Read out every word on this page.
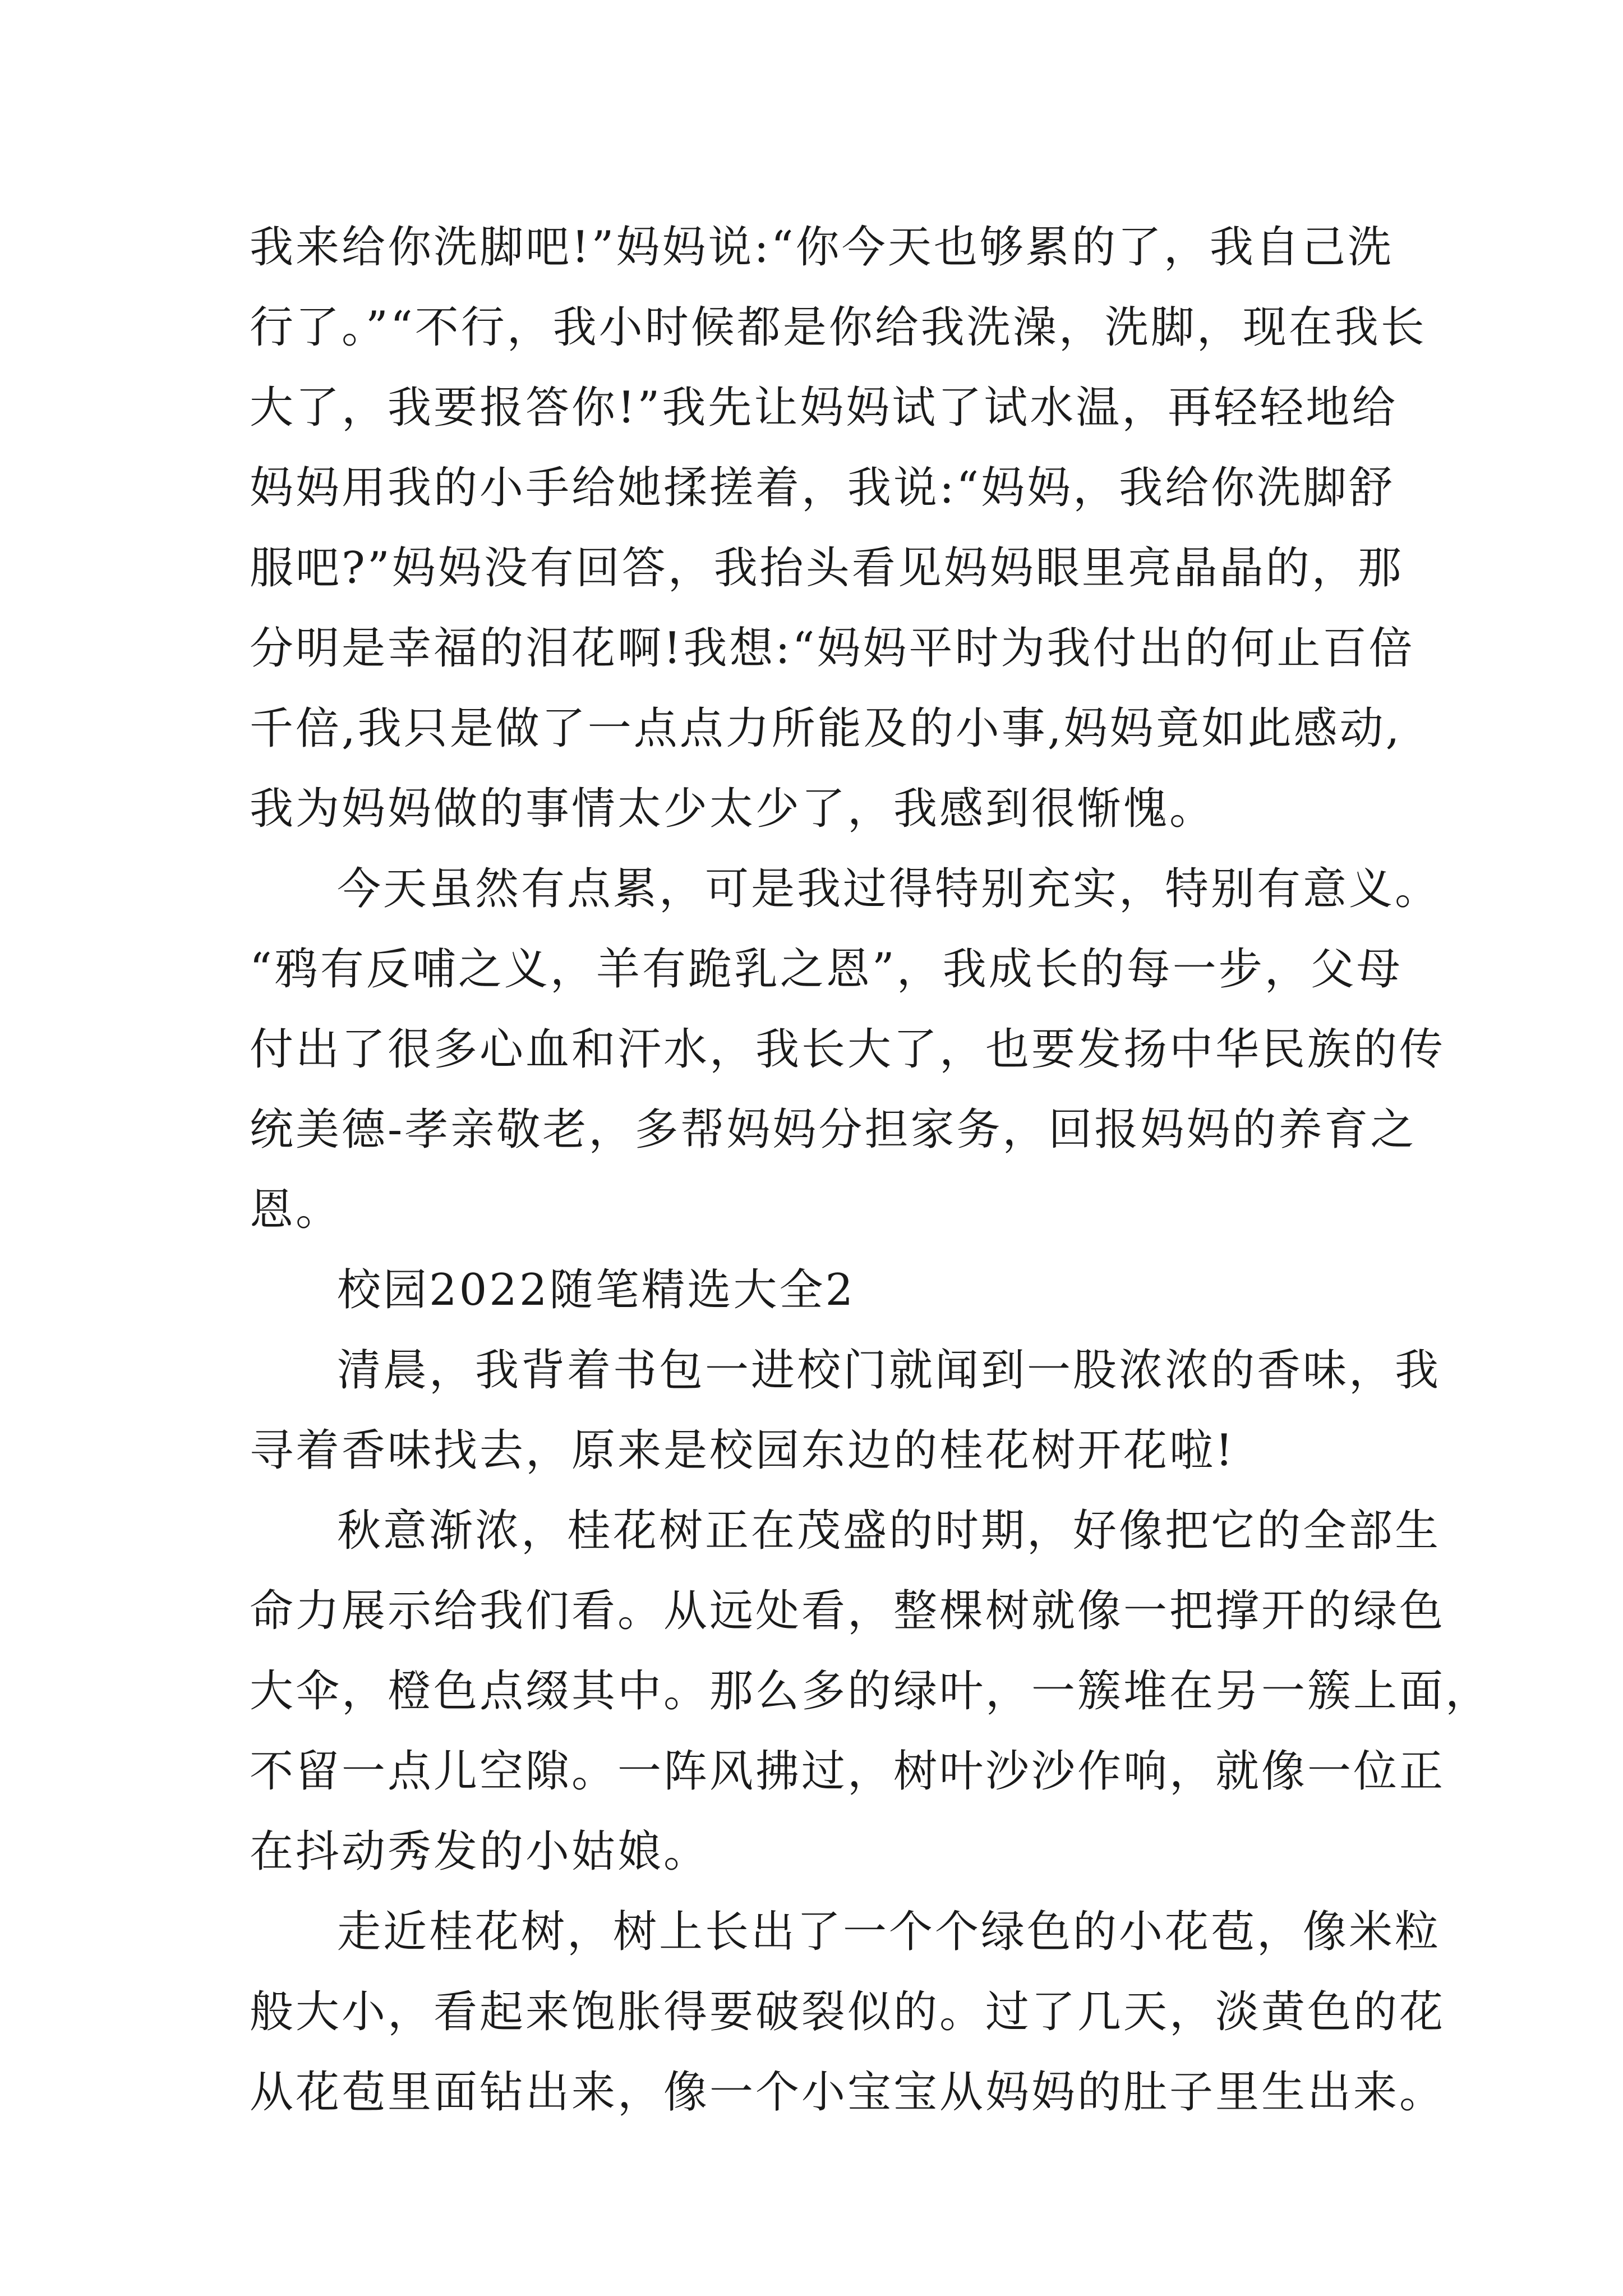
我来给你洗脚吧!”妈妈说:“你今天也够累的了，我自己洗
行了。”“不行，我小时候都是你给我洗澡，洗脚，现在我长
大了，我要报答你!”我先让妈妈试了试水温，再轻轻地给
妈妈用我的小手给她揉搓着，我说:“妈妈，我给你洗脚舒
服吧?”妈妈没有回答，我抬头看见妈妈眼里亮晶晶的，那
分明是幸福的泪花啊!我想:“妈妈平时为我付出的何止百倍
千倍,我只是做了一点点力所能及的小事,妈妈竟如此感动,
我为妈妈做的事情太少太少了，我感到很惭愧。
今天虽然有点累，可是我过得特别充实，特别有意义。
“鸦有反哺之义，羊有跪乳之恩”，我成长的每一步，父母
付出了很多心血和汗水，我长大了，也要发扬中华民族的传
统美德-孝亲敬老，多帮妈妈分担家务，回报妈妈的养育之
恩。
校园2022随笔精选大全2
清晨，我背着书包一进校门就闻到一股浓浓的香味，我
寻着香味找去，原来是校园东边的桂花树开花啦!
秋意渐浓，桂花树正在茂盛的时期，好像把它的全部生
命力展示给我们看。从远处看，整棵树就像一把撑开的绿色
大伞，橙色点缀其中。那么多的绿叶，一簇堆在另一簇上面，
不留一点儿空隙。一阵风拂过，树叶沙沙作响，就像一位正
在抖动秀发的小姑娘。
走近桂花树，树上长出了一个个绿色的小花苞，像米粒
般大小，看起来饱胀得要破裂似的。过了几天，淡黄色的花
从花苞里面钻出来，像一个小宝宝从妈妈的肚子里生出来。
